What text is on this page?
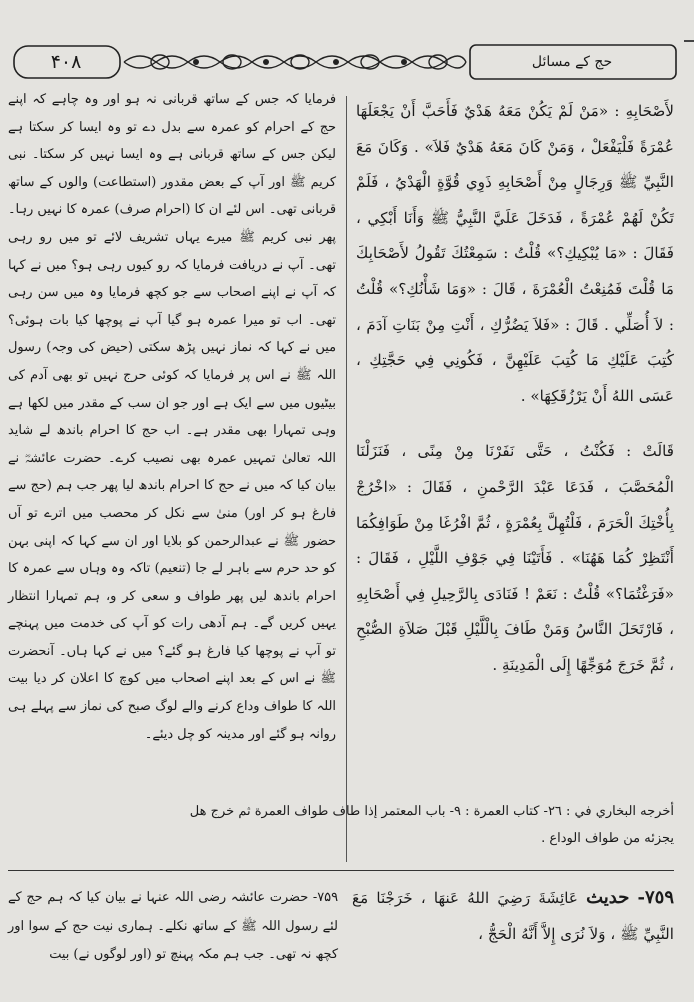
۴۰۸	حج کے مسائل

لأَصْحَابِهِ : «مَنْ لَمْ يَكُنْ مَعَهُ هَدْيٌ فَأَحَبَّ أَنْ يَجْعَلَهَا عُمْرَةً فَلْيَفْعَلْ ، وَمَنْ كَانَ مَعَهُ هَدْيٌ فَلاَ» . وَكَانَ مَعَ النَّبِيِّ ﷺ وَرِجَالٍ مِنْ أَصْحَابِهِ ذَوِي قُوَّةٍ الْهَدْيُ ، فَلَمْ تَكُنْ لَهُمْ عُمْرَةً ، فَدَخَلَ عَلَيَّ النَّبِيُّ ﷺ وَأَنَا أَبْكِي ، فَقَالَ : «مَا يُبْكِيكِ؟» قُلْتُ : سَمِعْتُكَ تَقُولُ لأَصْحَابِكَ مَا قُلْتَ فَمُنِعْتُ الْعُمْرَةَ ، قَالَ : «وَمَا شَأْنُكِ؟» قُلْتُ : لاَ أُصَلِّي . قَالَ : «فَلاَ يَضُرُّكِ ، أَنْتِ مِنْ بَنَاتِ آدَمَ ، كُتِبَ عَلَيْكِ مَا كُتِبَ عَلَيْهِنَّ ، فَكُونِي فِي حَجَّتِكِ ، عَسَى اللهُ أَنْ يَرْزُقَكِهَا» .

قَالَتْ : فَكُنْتُ ، حَتَّى نَفَرْنَا مِنْ مِنًى ، فَنَزَلْنَا الْمُحَصَّبَ ، فَدَعَا عَبْدَ الرَّحْمنِ ، فَقَالَ : «اخْرُجْ بِأُخْتِكَ الْحَرَمَ ، فَلْتُهِلَّ بِعُمْرَةٍ ، ثُمَّ افْرُغَا مِنْ طَوَافِكُمَا أَنْتَظِرْ كُمَا هَهُنَا» . فَأَتَيْنَا فِي جَوْفِ اللَّيْلِ ، فَقَالَ : «فَرَغْتُمَا؟» قُلْتُ : نَعَمْ ! فَنَادَى بِالرَّحِيلِ فِي أَصْحَابِهِ ، فَارْتَحَلَ النَّاسُ وَمَنْ طَافَ بِالْلَّيْلِ قَبْلَ صَلاَةِ الصُّبْحِ ، ثُمَّ خَرَجَ مُوَجِّهًا إِلَى الْمَدِينَةِ .

فرمایا کہ جس کے ساتھ قربانی نہ ہو اور وہ چاہے کہ اپنے حج کے احرام کو عمرہ سے بدل دے تو وہ ایسا کر سکتا ہے لیکن جس کے ساتھ قربانی ہے وہ ایسا نہیں کر سکتا۔ نبی کریم ﷺ اور آپ کے بعض مقدور (استطاعت) والوں کے ساتھ قربانی تھی۔ اس لئے ان کا (احرام صرف) عمرہ کا نہیں رہا۔ پھر نبی کریم ﷺ میرے یہاں تشریف لائے تو میں رو رہی تھی۔ آپ نے دریافت فرمایا کہ رو کیوں رہی ہو؟ میں نے کہا کہ آپ نے اپنے اصحاب سے جو کچھ فرمایا وہ میں سن رہی تھی۔ اب تو میرا عمرہ ہو گیا آپ نے پوچھا کیا بات ہوئی؟ میں نے کہا کہ نماز نہیں پڑھ سکتی (حیض کی وجہ) رسول اللہ ﷺ نے اس پر فرمایا کہ کوئی حرج نہیں تو بھی آدم کی بیٹیوں میں سے ایک ہے اور جو ان سب کے مقدر میں لکھا ہے وہی تمہارا بھی مقدر ہے۔ اب حج کا احرام باندھ لے شاید اللہ تعالیٰ تمہیں عمرہ بھی نصیب کرے۔ حضرت عائشہؓ نے بیان کیا کہ میں نے حج کا احرام باندھ لیا پھر جب ہم (حج سے فارغ ہو کر اور) منیٰ سے نکل کر محصب میں اترے تو آں حضور ﷺ نے عبدالرحمن کو بلایا اور ان سے کہا کہ اپنی بہن کو حد حرم سے باہر لے جا (تنعیم) تاکہ وہ وہاں سے عمرہ کا احرام باندھ لیں پھر طواف و سعی کر و، ہم تمہارا انتظار یہیں کریں گے۔ ہم آدھی رات کو آپ کی خدمت میں پہنچے تو آپ نے پوچھا کیا فارغ ہو گئے؟ میں نے کہا ہاں۔ آنحضرت ﷺ نے اس کے بعد اپنے اصحاب میں کوچ کا اعلان کر دیا بیت اللہ کا طواف وداع کرنے والے لوگ صبح کی نماز سے پہلے ہی روانہ ہو گئے اور مدینہ کو چل دیئے۔

أخرجه البخاري في : ٢٦- كتاب العمرة : ٩- باب المعتمر إذا طاف طواف العمرة ثم خرج هل

يجزئه من طواف الوداع .

٧٥٩- حديث عَائِشَةَ رَضِيَ اللهُ عَنهَا ، خَرَجْنَا مَعَ النَّبِيِّ ﷺ ، وَلاَ نُرَى إِلاَّ أَنَّهُ الْحَجُّ ،

۷۵۹- حضرت عائشہ رضی اللہ عنہا نے بیان کیا کہ ہم حج کے لئے رسول اللہ ﷺ کے ساتھ نکلے۔ ہماری نیت حج کے سوا اور کچھ نہ تھی۔ جب ہم مکہ پہنچ تو (اور لوگوں نے) بیت
